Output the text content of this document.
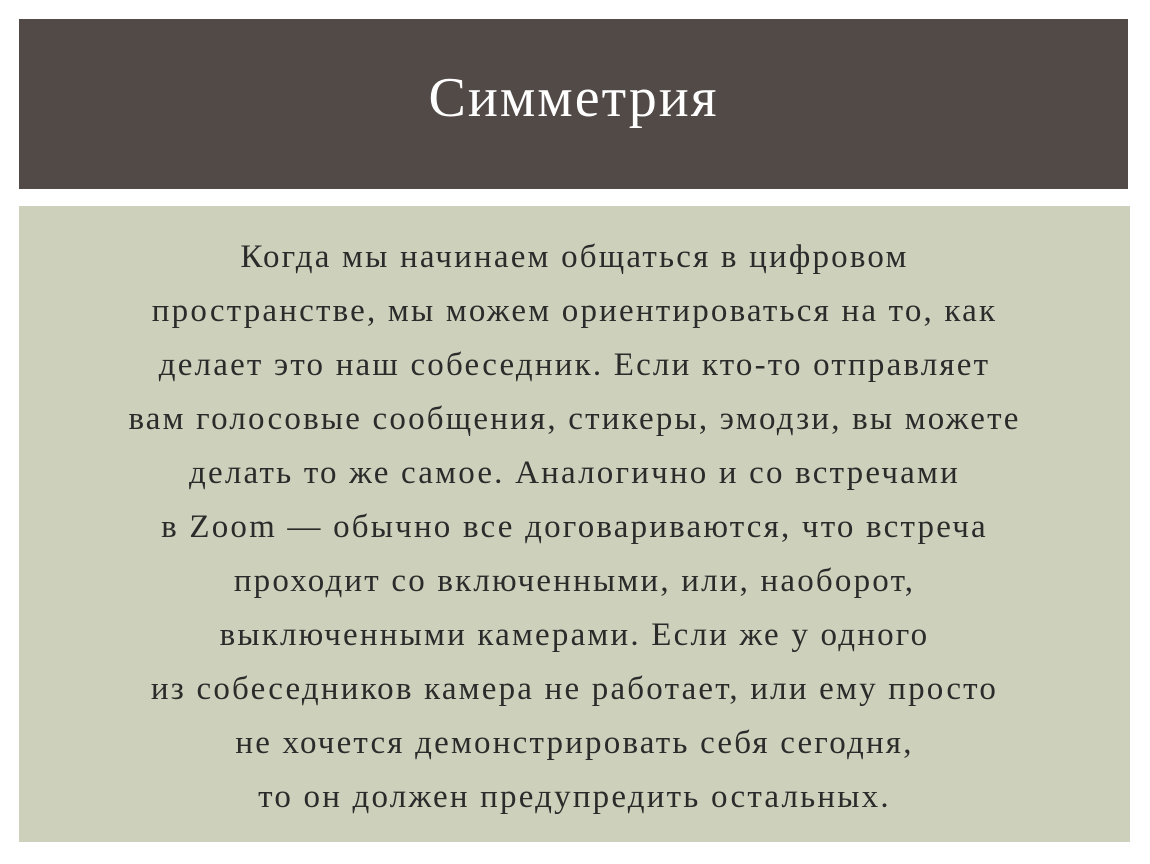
Симметрия

Когда мы начинаем общаться в цифровом
пространстве, мы можем ориентироваться на то, как
делает это наш собеседник. Если кто-то отправляет
вам голосовые сообщения, стикеры, эмодзи, вы можете
делать то же самое. Аналогично и со встречами
в Zoom — обычно все договариваются, что встреча
проходит со включенными, или, наоборот,
выключенными камерами. Если же у одного
из собеседников камера не работает, или ему просто
не хочется демонстрировать себя сегодня,
то он должен предупредить остальных.
